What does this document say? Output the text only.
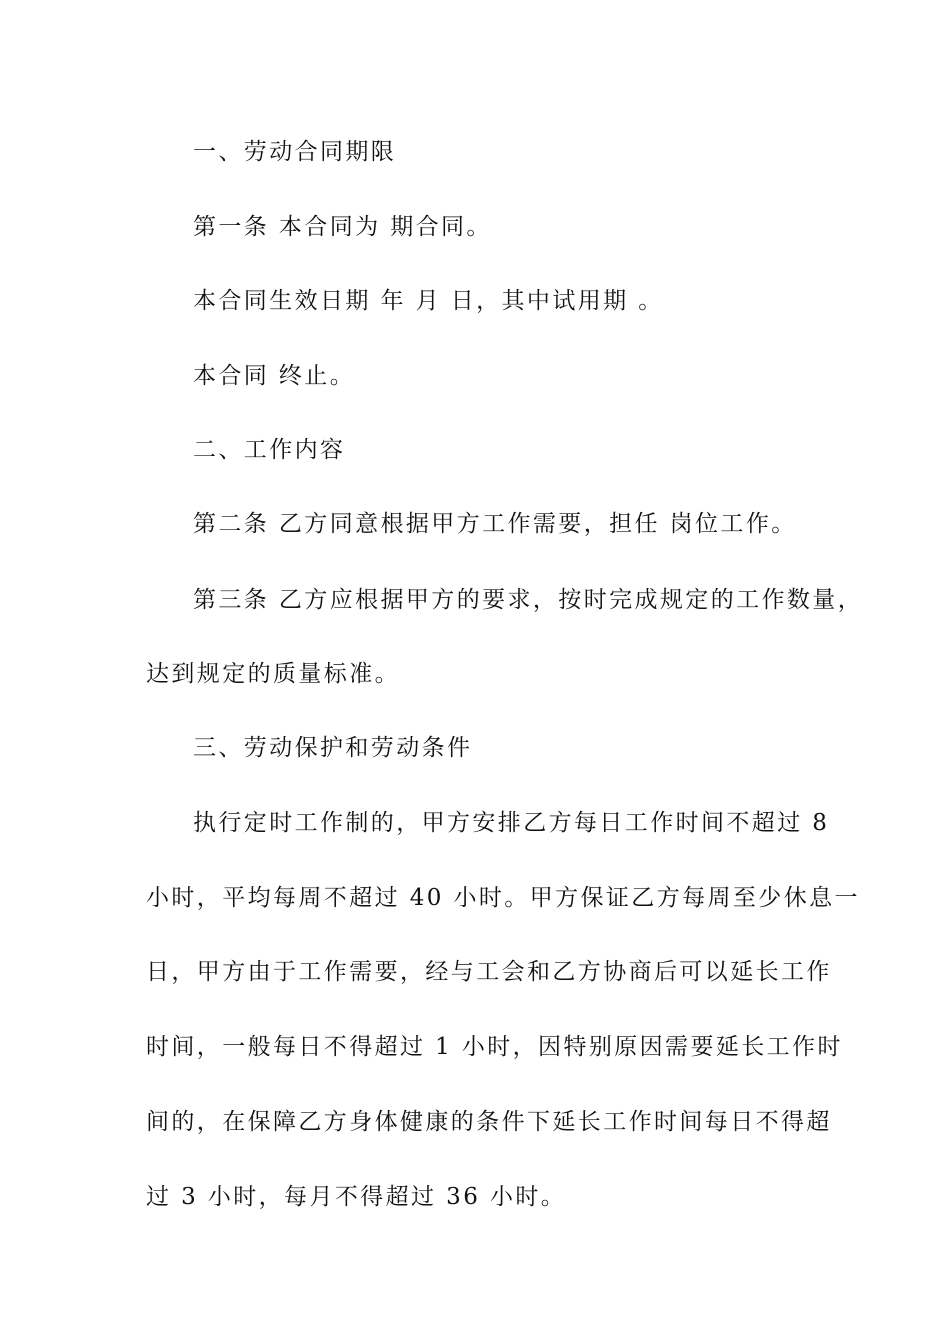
一、劳动合同期限
第一条 本合同为 期合同。
本合同生效日期 年 月 日，其中试用期 。
本合同 终止。
二、工作内容
第二条 乙方同意根据甲方工作需要，担任 岗位工作。
第三条 乙方应根据甲方的要求，按时完成规定的工作数量，
达到规定的质量标准。
三、劳动保护和劳动条件
执行定时工作制的，甲方安排乙方每日工作时间不超过 8
小时，平均每周不超过 40 小时。甲方保证乙方每周至少休息一
日，甲方由于工作需要，经与工会和乙方协商后可以延长工作
时间，一般每日不得超过 1 小时，因特别原因需要延长工作时
间的，在保障乙方身体健康的条件下延长工作时间每日不得超
过 3 小时，每月不得超过 36 小时。
